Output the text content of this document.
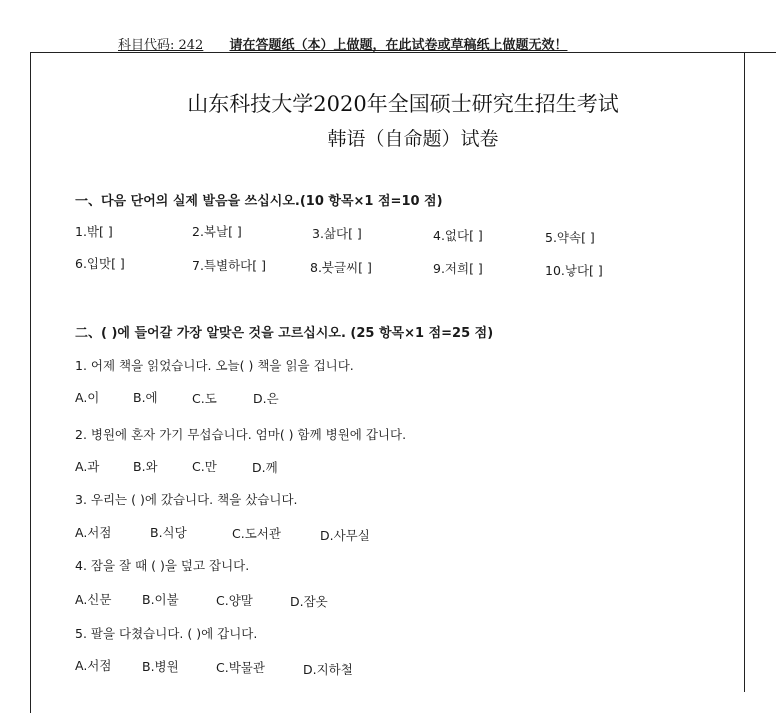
科目代码: 242 请在答题纸（本）上做题，在此试卷或草稿纸上做题无效！
山东科技大学2020年全国硕士研究生招生考试
韩语（自命题）试卷
一、다음 단어의 실제 발음을 쓰십시오.(10 항목×1 점=10 점)
1.밖[ ]	2.복날[ ]	3.삶다[ ]	4.없다[ ]	5.약속[ ]
6.입맛[ ]	7.특별하다[ ]	8.붓글씨[ ]	9.저희[ ]	10.낳다[ ]
二、( )에 들어갈 가장 알맞은 것을 고르십시오. (25 항목×1 점=25 점)
1. 어제 책을 읽었습니다. 오늘( ) 책을 읽을 겁니다.
A.이	B.에	C.도	D.은
2. 병원에 혼자 가기 무섭습니다. 엄마( ) 함께 병원에 갑니다.
A.과	B.와	C.만	D.께
3. 우리는 ( )에 갔습니다. 책을 샀습니다.
A.서점	B.식당	C.도서관	D.사무실
4. 잠을 잘 때 ( )을 덮고 잡니다.
A.신문 B.이불	C.양말	D.잠옷
5. 팔을 다쳤습니다. ( )에 갑니다.
A.서점 B.병원	C.박물관	D.지하철
